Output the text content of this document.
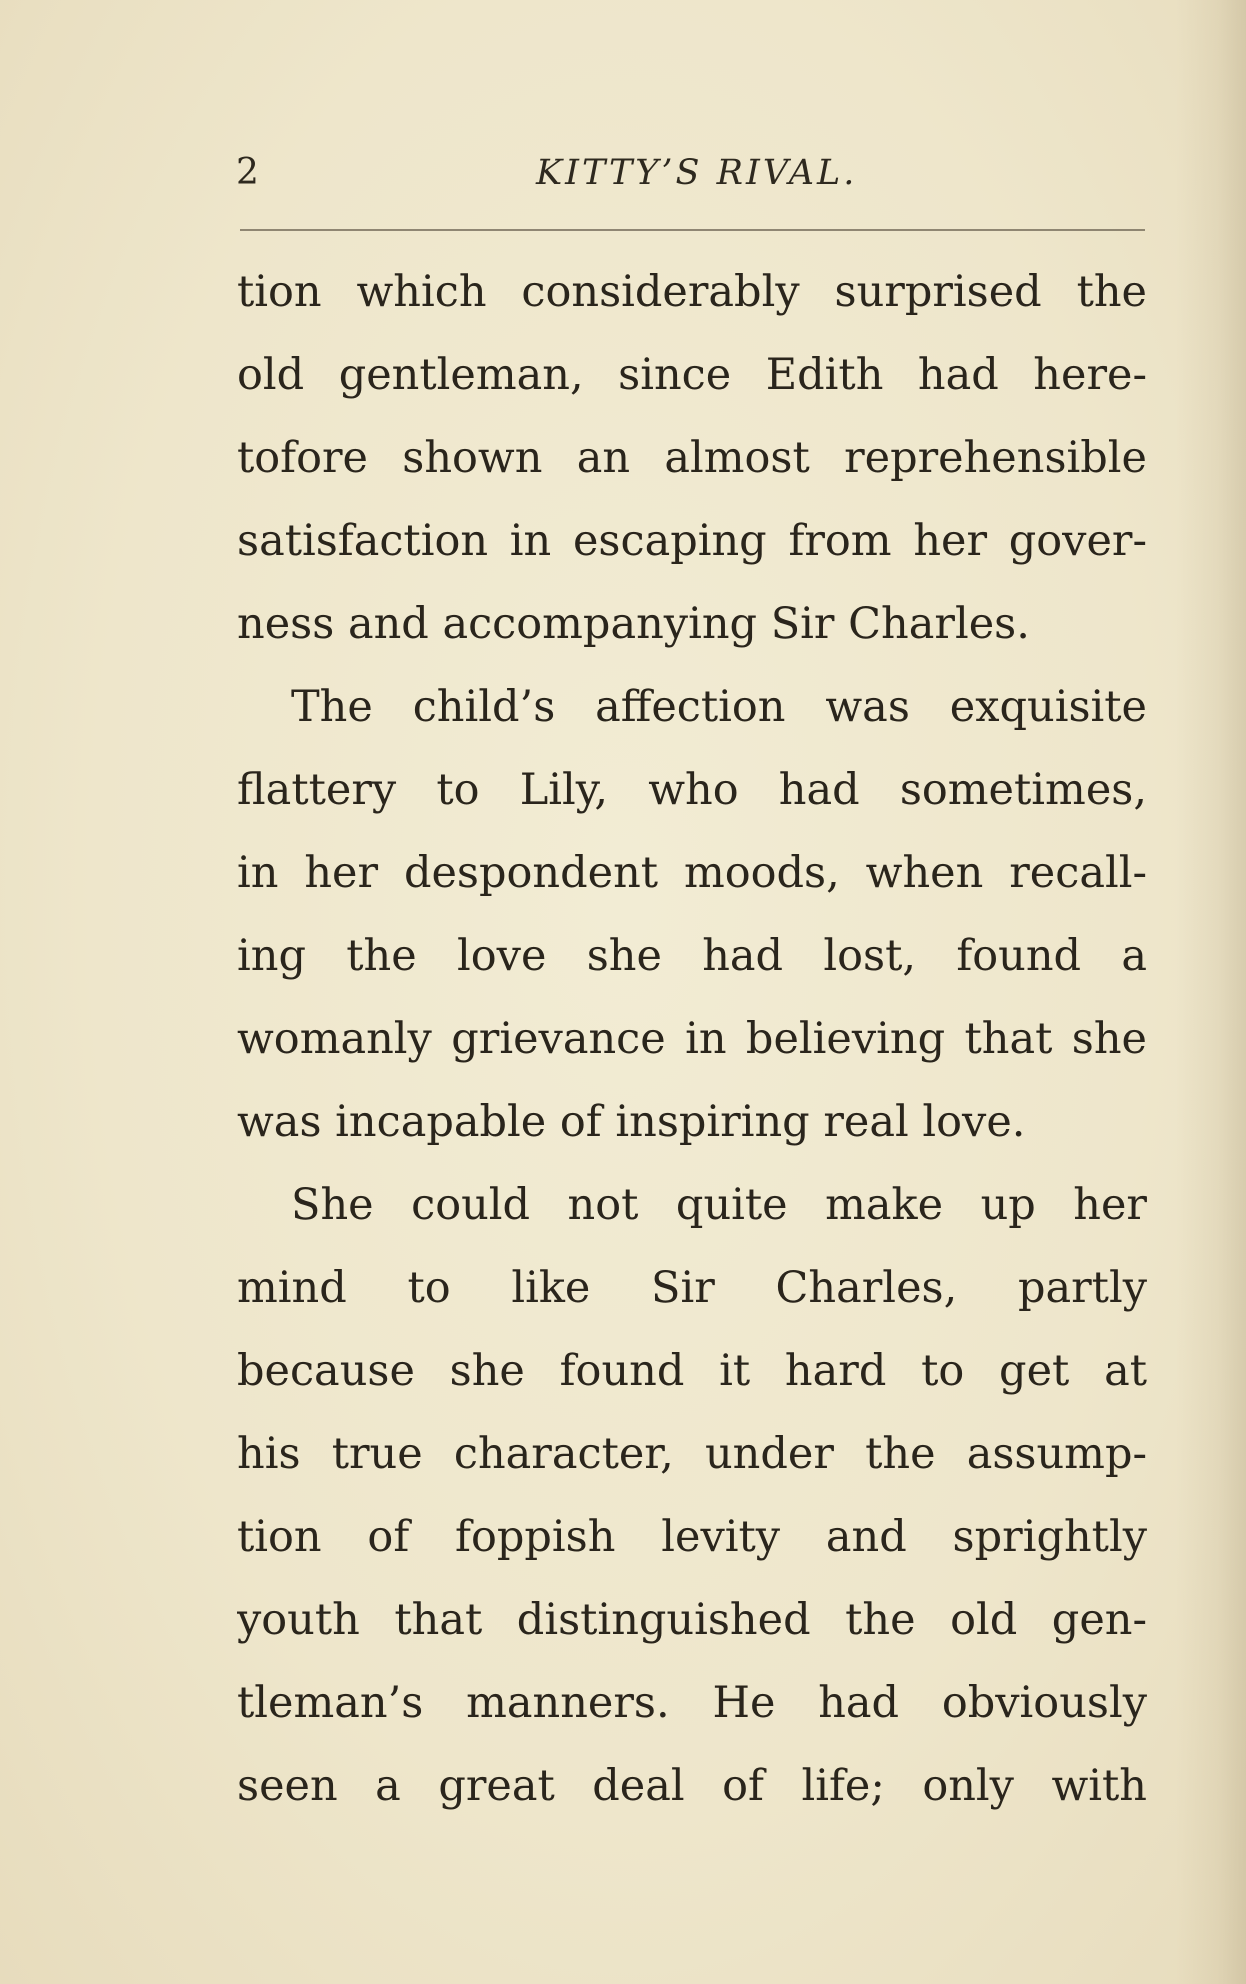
2	KITTY’S RIVAL.
tion which considerably surprised the
old gentleman, since Edith had here-
tofore shown an almost reprehensible
satisfaction in escaping from her gover-
ness and accompanying Sir Charles.
The child’s affection was exquisite
flattery to Lily, who had sometimes,
in her despondent moods, when recall-
ing the love she had lost, found a
womanly grievance in believing that she
was incapable of inspiring real love.
She could not quite make up her
mind to like Sir Charles, partly
because she found it hard to get at
his true character, under the assump-
tion of foppish levity and sprightly
youth that distinguished the old gen-
tleman’s manners. He had obviously
seen a great deal of life; only with
